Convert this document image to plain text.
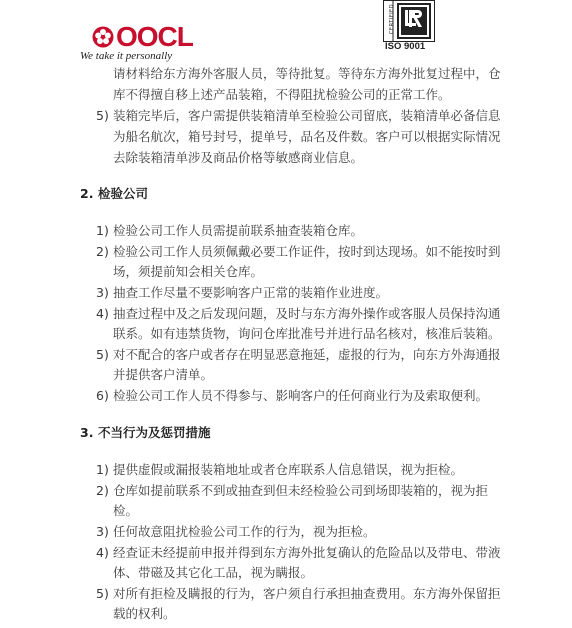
OOCL
We take it personally
CERTIFIED
ISO 9001
请材料给东方海外客服人员，等待批复。等待东方海外批复过程中，仓
库不得擅自移上述产品装箱，不得阻扰检验公司的正常工作。
5) 装箱完毕后，客户需提供装箱清单至检验公司留底，装箱清单必备信息
为船名航次，箱号封号，提单号，品名及件数。客户可以根据实际情况
去除装箱清单涉及商品价格等敏感商业信息。
2. 检验公司
1) 检验公司工作人员需提前联系抽查装箱仓库。
2) 检验公司工作人员须佩戴必要工作证件，按时到达现场。如不能按时到
场，须提前知会相关仓库。
3) 抽查工作尽量不要影响客户正常的装箱作业进度。
4) 抽查过程中及之后发现问题，及时与东方海外操作或客服人员保持沟通
联系。如有违禁货物，询问仓库批准号并进行品名核对，核准后装箱。
5) 对不配合的客户或者存在明显恶意拖延，虚报的行为，向东方外海通报
并提供客户清单。
6) 检验公司工作人员不得参与、影响客户的任何商业行为及索取便利。
3. 不当行为及惩罚措施
1) 提供虚假或漏报装箱地址或者仓库联系人信息错误，视为拒检。
2) 仓库如提前联系不到或抽查到但未经检验公司到场即装箱的，视为拒
检。
3) 任何故意阻扰检验公司工作的行为，视为拒检。
4) 经查证未经提前申报并得到东方海外批复确认的危险品以及带电、带液
体、带磁及其它化工品，视为瞒报。
5) 对所有拒检及瞒报的行为，客户须自行承担抽查费用。东方海外保留拒
载的权利。
